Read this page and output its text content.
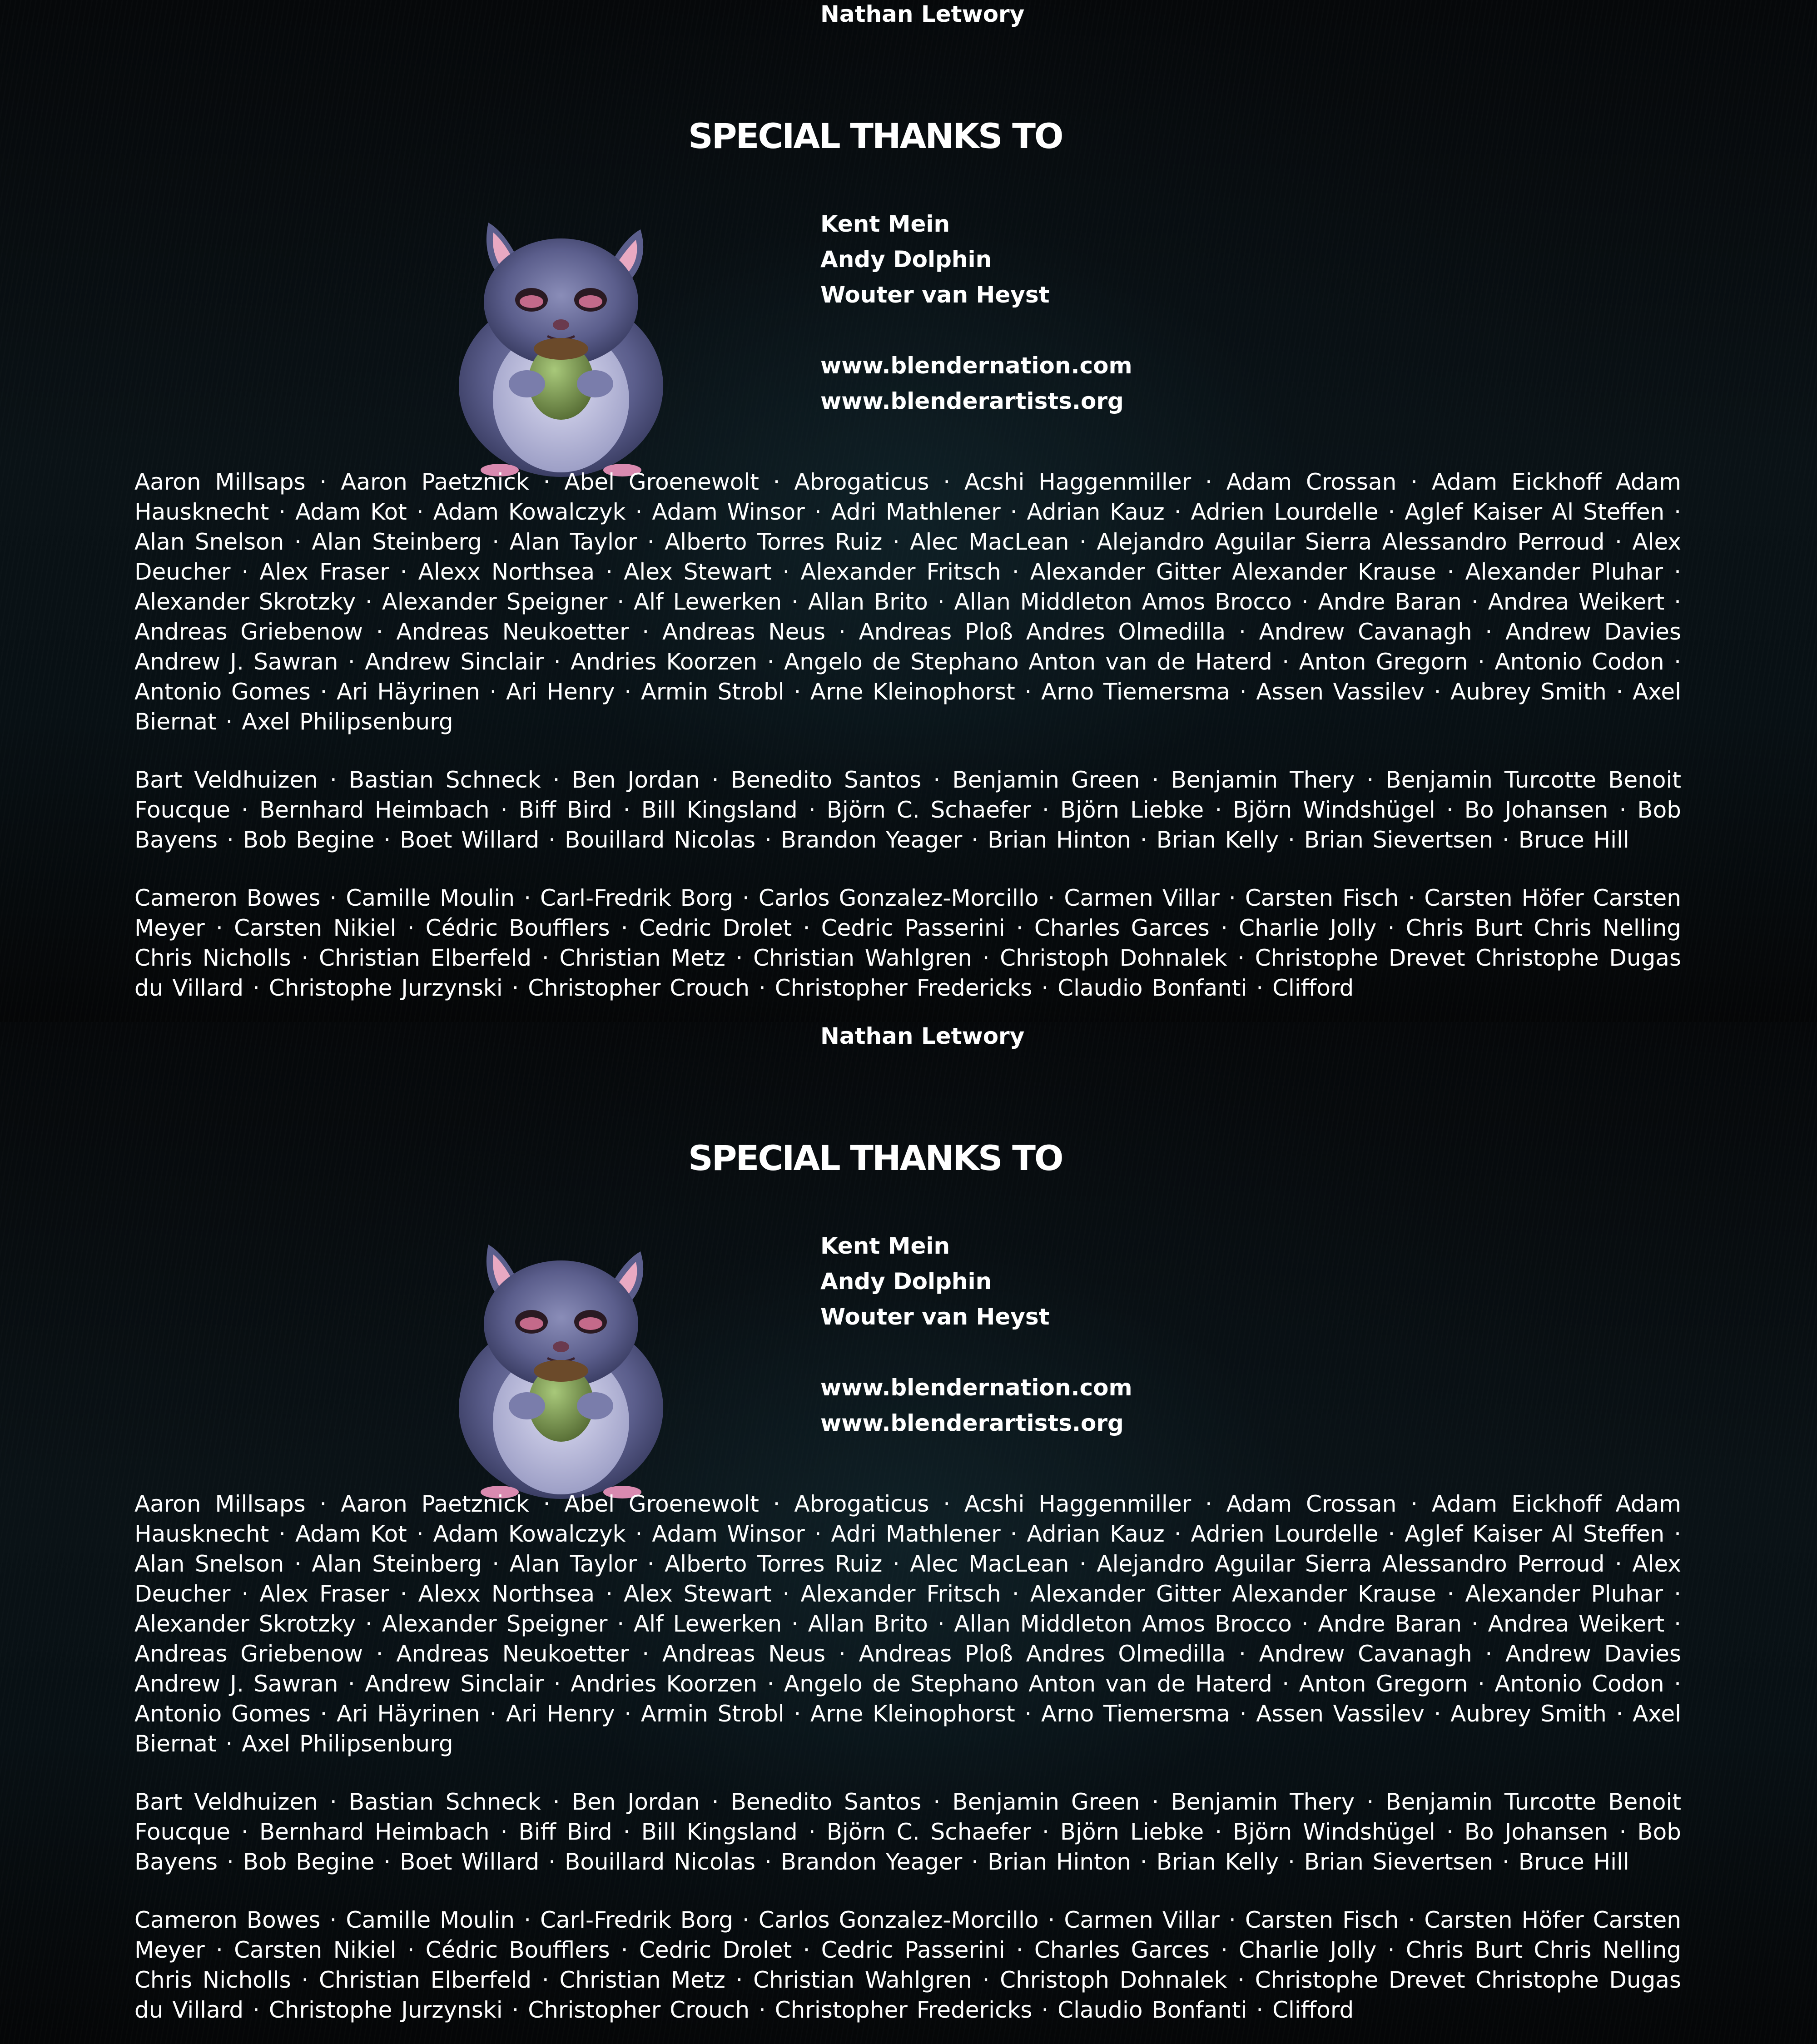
Nathan Letwory
SPECIAL THANKS TO
Kent Mein
Andy Dolphin
Wouter van Heyst
www.blendernation.com
www.blenderartists.org

Aaron Millsaps · Aaron Paetznick · Abel Groenewolt · Abrogaticus · Acshi Haggenmiller · Adam Crossan · Adam Eickhoff Adam Hausknecht · Adam Kot · Adam Kowalczyk · Adam Winsor · Adri Mathlener · Adrian Kauz · Adrien Lourdelle · Aglef Kaiser Al Steffen · Alan Snelson · Alan Steinberg · Alan Taylor · Alberto Torres Ruiz · Alec MacLean · Alejandro Aguilar Sierra Alessandro Perroud · Alex Deucher · Alex Fraser · Alexx Northsea · Alex Stewart · Alexander Fritsch · Alexander Gitter Alexander Krause · Alexander Pluhar · Alexander Skrotzky · Alexander Speigner · Alf Lewerken · Allan Brito · Allan Middleton Amos Brocco · Andre Baran · Andrea Weikert · Andreas Griebenow · Andreas Neukoetter · Andreas Neus · Andreas Ploß Andres Olmedilla · Andrew Cavanagh · Andrew Davies Andrew J. Sawran · Andrew Sinclair · Andries Koorzen · Angelo de Stephano Anton van de Haterd · Anton Gregorn · Antonio Codon · Antonio Gomes · Ari Häyrinen · Ari Henry · Armin Strobl · Arne Kleinophorst · Arno Tiemersma · Assen Vassilev · Aubrey Smith · Axel Biernat · Axel Philipsenburg

Bart Veldhuizen · Bastian Schneck · Ben Jordan · Benedito Santos · Benjamin Green · Benjamin Thery · Benjamin Turcotte Benoit Foucque · Bernhard Heimbach · Biff Bird · Bill Kingsland · Björn C. Schaefer · Björn Liebke · Björn Windshügel · Bo Johansen · Bob Bayens · Bob Begine · Boet Willard · Bouillard Nicolas · Brandon Yeager · Brian Hinton · Brian Kelly · Brian Sievertsen · Bruce Hill

Cameron Bowes · Camille Moulin · Carl-Fredrik Borg · Carlos Gonzalez-Morcillo · Carmen Villar · Carsten Fisch · Carsten Höfer Carsten Meyer · Carsten Nikiel · Cédric Boufflers · Cedric Drolet · Cedric Passerini · Charles Garces · Charlie Jolly · Chris Burt Chris Nelling Chris Nicholls · Christian Elberfeld · Christian Metz · Christian Wahlgren · Christoph Dohnalek · Christophe Drevet Christophe Dugas du Villard · Christophe Jurzynski · Christopher Crouch · Christopher Fredericks · Claudio Bonfanti · Clifford

Nathan Letwory
SPECIAL THANKS TO
Kent Mein
Andy Dolphin
Wouter van Heyst
www.blendernation.com
www.blenderartists.org

Aaron Millsaps · Aaron Paetznick · Abel Groenewolt · Abrogaticus · Acshi Haggenmiller · Adam Crossan · Adam Eickhoff Adam Hausknecht · Adam Kot · Adam Kowalczyk · Adam Winsor · Adri Mathlener · Adrian Kauz · Adrien Lourdelle · Aglef Kaiser Al Steffen · Alan Snelson · Alan Steinberg · Alan Taylor · Alberto Torres Ruiz · Alec MacLean · Alejandro Aguilar Sierra Alessandro Perroud · Alex Deucher · Alex Fraser · Alexx Northsea · Alex Stewart · Alexander Fritsch · Alexander Gitter Alexander Krause · Alexander Pluhar · Alexander Skrotzky · Alexander Speigner · Alf Lewerken · Allan Brito · Allan Middleton Amos Brocco · Andre Baran · Andrea Weikert · Andreas Griebenow · Andreas Neukoetter · Andreas Neus · Andreas Ploß Andres Olmedilla · Andrew Cavanagh · Andrew Davies Andrew J. Sawran · Andrew Sinclair · Andries Koorzen · Angelo de Stephano Anton van de Haterd · Anton Gregorn · Antonio Codon · Antonio Gomes · Ari Häyrinen · Ari Henry · Armin Strobl · Arne Kleinophorst · Arno Tiemersma · Assen Vassilev · Aubrey Smith · Axel Biernat · Axel Philipsenburg

Bart Veldhuizen · Bastian Schneck · Ben Jordan · Benedito Santos · Benjamin Green · Benjamin Thery · Benjamin Turcotte Benoit Foucque · Bernhard Heimbach · Biff Bird · Bill Kingsland · Björn C. Schaefer · Björn Liebke · Björn Windshügel · Bo Johansen · Bob Bayens · Bob Begine · Boet Willard · Bouillard Nicolas · Brandon Yeager · Brian Hinton · Brian Kelly · Brian Sievertsen · Bruce Hill

Cameron Bowes · Camille Moulin · Carl-Fredrik Borg · Carlos Gonzalez-Morcillo · Carmen Villar · Carsten Fisch · Carsten Höfer Carsten Meyer · Carsten Nikiel · Cédric Boufflers · Cedric Drolet · Cedric Passerini · Charles Garces · Charlie Jolly · Chris Burt Chris Nelling Chris Nicholls · Christian Elberfeld · Christian Metz · Christian Wahlgren · Christoph Dohnalek · Christophe Drevet Christophe Dugas du Villard · Christophe Jurzynski · Christopher Crouch · Christopher Fredericks · Claudio Bonfanti · Clifford
